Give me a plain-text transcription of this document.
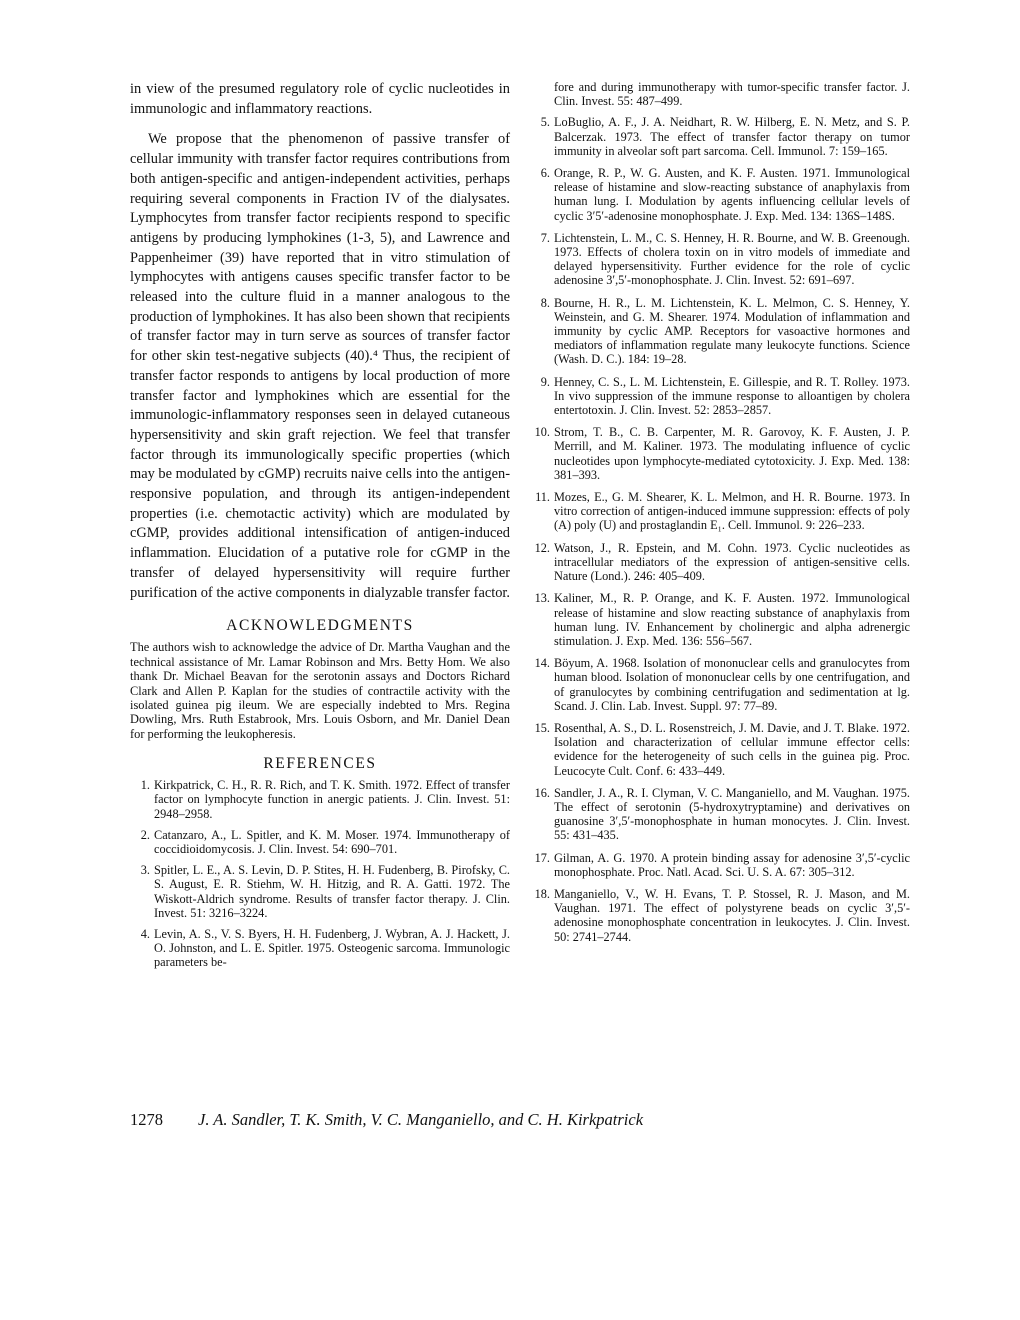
in view of the presumed regulatory role of cyclic nucleotides in immunologic and inflammatory reactions.

We propose that the phenomenon of passive transfer of cellular immunity with transfer factor requires contributions from both antigen-specific and antigen-independent activities, perhaps requiring several components in Fraction IV of the dialysates. Lymphocytes from transfer factor recipients respond to specific antigens by producing lymphokines (1-3, 5), and Lawrence and Pappenheimer (39) have reported that in vitro stimulation of lymphocytes with antigens causes specific transfer factor to be released into the culture fluid in a manner analogous to the production of lymphokines. It has also been shown that recipients of transfer factor may in turn serve as sources of transfer factor for other skin test-negative subjects (40).⁴ Thus, the recipient of transfer factor responds to antigens by local production of more transfer factor and lymphokines which are essential for the immunologic-inflammatory responses seen in delayed cutaneous hypersensitivity and skin graft rejection. We feel that transfer factor through its immunologically specific properties (which may be modulated by cGMP) recruits naive cells into the antigen-responsive population, and through its antigen-independent properties (i.e. chemotactic activity) which are modulated by cGMP, provides additional intensification of antigen-induced inflammation. Elucidation of a putative role for cGMP in the transfer of delayed hypersensitivity will require further purification of the active components in dialyzable transfer factor.

ACKNOWLEDGMENTS

The authors wish to acknowledge the advice of Dr. Martha Vaughan and the technical assistance of Mr. Lamar Robinson and Mrs. Betty Hom. We also thank Dr. Michael Beavan for the serotonin assays and Doctors Richard Clark and Allen P. Kaplan for the studies of contractile activity with the isolated guinea pig ileum. We are especially indebted to Mrs. Regina Dowling, Mrs. Ruth Estabrook, Mrs. Louis Osborn, and Mr. Daniel Dean for performing the leukopheresis.

REFERENCES
1. Kirkpatrick, C. H., R. R. Rich, and T. K. Smith. 1972. Effect of transfer factor on lymphocyte function in anergic patients. J. Clin. Invest. 51: 2948–2958.
2. Catanzaro, A., L. Spitler, and K. M. Moser. 1974. Immunotherapy of coccidioidomycosis. J. Clin. Invest. 54: 690–701.
3. Spitler, L. E., A. S. Levin, D. P. Stites, H. H. Fudenberg, B. Pirofsky, C. S. August, E. R. Stiehm, W. H. Hitzig, and R. A. Gatti. 1972. The Wiskott-Aldrich syndrome. Results of transfer factor therapy. J. Clin. Invest. 51: 3216–3224.
4. Levin, A. S., V. S. Byers, H. H. Fudenberg, J. Wybran, A. J. Hackett, J. O. Johnston, and L. E. Spitler. 1975. Osteogenic sarcoma. Immunologic parameters be-
fore and during immunotherapy with tumor-specific transfer factor. J. Clin. Invest. 55: 487–499.
5. LoBuglio, A. F., J. A. Neidhart, R. W. Hilberg, E. N. Metz, and S. P. Balcerzak. 1973. The effect of transfer factor therapy on tumor immunity in alveolar soft part sarcoma. Cell. Immunol. 7: 159–165.
6. Orange, R. P., W. G. Austen, and K. F. Austen. 1971. Immunological release of histamine and slow-reacting substance of anaphylaxis from human lung. I. Modulation by agents influencing cellular levels of cyclic 3′5′-adenosine monophosphate. J. Exp. Med. 134: 136S–148S.
7. Lichtenstein, L. M., C. S. Henney, H. R. Bourne, and W. B. Greenough. 1973. Effects of cholera toxin on in vitro models of immediate and delayed hypersensitivity. Further evidence for the role of cyclic adenosine 3′,5′-monophosphate. J. Clin. Invest. 52: 691–697.
8. Bourne, H. R., L. M. Lichtenstein, K. L. Melmon, C. S. Henney, Y. Weinstein, and G. M. Shearer. 1974. Modulation of inflammation and immunity by cyclic AMP. Receptors for vasoactive hormones and mediators of inflammation regulate many leukocyte functions. Science (Wash. D. C.). 184: 19–28.
9. Henney, C. S., L. M. Lichtenstein, E. Gillespie, and R. T. Rolley. 1973. In vivo suppression of the immune response to alloantigen by cholera entertotoxin. J. Clin. Invest. 52: 2853–2857.
10. Strom, T. B., C. B. Carpenter, M. R. Garovoy, K. F. Austen, J. P. Merrill, and M. Kaliner. 1973. The modulating influence of cyclic nucleotides upon lymphocyte-mediated cytotoxicity. J. Exp. Med. 138: 381–393.
11. Mozes, E., G. M. Shearer, K. L. Melmon, and H. R. Bourne. 1973. In vitro correction of antigen-induced immune suppression: effects of poly (A) poly (U) and prostaglandin E₁. Cell. Immunol. 9: 226–233.
12. Watson, J., R. Epstein, and M. Cohn. 1973. Cyclic nucleotides as intracellular mediators of the expression of antigen-sensitive cells. Nature (Lond.). 246: 405–409.
13. Kaliner, M., R. P. Orange, and K. F. Austen. 1972. Immunological release of histamine and slow reacting substance of anaphylaxis from human lung. IV. Enhancement by cholinergic and alpha adrenergic stimulation. J. Exp. Med. 136: 556–567.
14. Böyum, A. 1968. Isolation of mononuclear cells and granulocytes from human blood. Isolation of mononuclear cells by one centrifugation, and of granulocytes by combining centrifugation and sedimentation at lg. Scand. J. Clin. Lab. Invest. Suppl. 97: 77–89.
15. Rosenthal, A. S., D. L. Rosenstreich, J. M. Davie, and J. T. Blake. 1972. Isolation and characterization of cellular immune effector cells: evidence for the heterogeneity of such cells in the guinea pig. Proc. Leucocyte Cult. Conf. 6: 433–449.
16. Sandler, J. A., R. I. Clyman, V. C. Manganiello, and M. Vaughan. 1975. The effect of serotonin (5-hydroxytryptamine) and derivatives on guanosine 3′,5′-monophosphate in human monocytes. J. Clin. Invest. 55: 431–435.
17. Gilman, A. G. 1970. A protein binding assay for adenosine 3′,5′-cyclic monophosphate. Proc. Natl. Acad. Sci. U. S. A. 67: 305–312.
18. Manganiello, V., W. H. Evans, T. P. Stossel, R. J. Mason, and M. Vaughan. 1971. The effect of polystyrene beads on cyclic 3′,5′-adenosine monophosphate concentration in leukocytes. J. Clin. Invest. 50: 2741–2744.
1278 J. A. Sandler, T. K. Smith, V. C. Manganiello, and C. H. Kirkpatrick
